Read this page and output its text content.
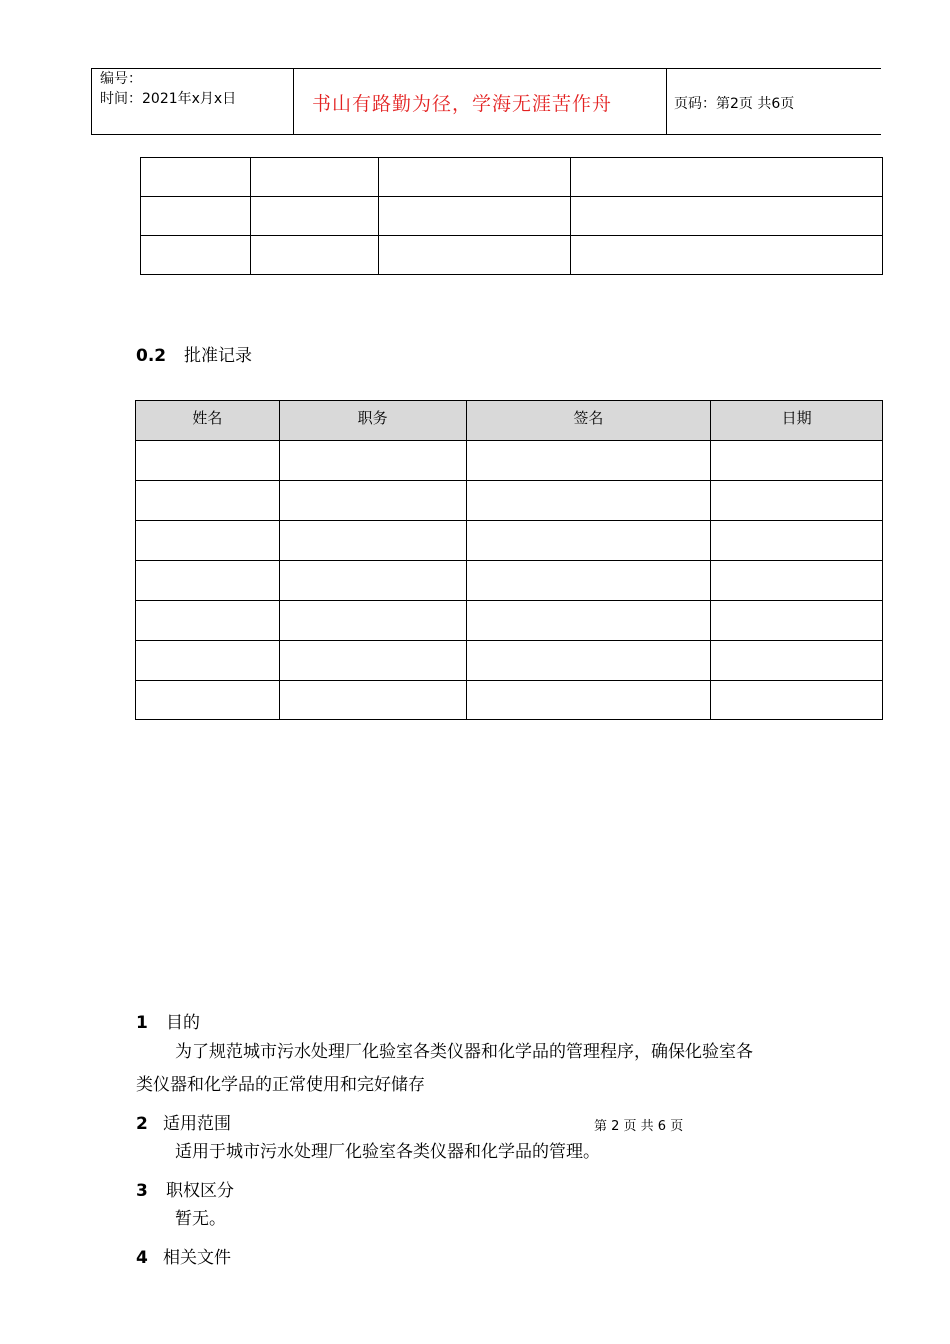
编号：
时间：2021年x月x日	书山有路勤为径，学海无涯苦作舟	页码：第2页 共6页

0.2 批准记录
姓名	职务	签名	日期

1 目的
为了规范城市污水处理厂化验室各类仪器和化学品的管理程序，确保化验室各
类仪器和化学品的正常使用和完好储存
2 适用范围	第 2 页 共 6 页
适用于城市污水处理厂化验室各类仪器和化学品的管理。
3 职权区分
暂无。
4 相关文件
